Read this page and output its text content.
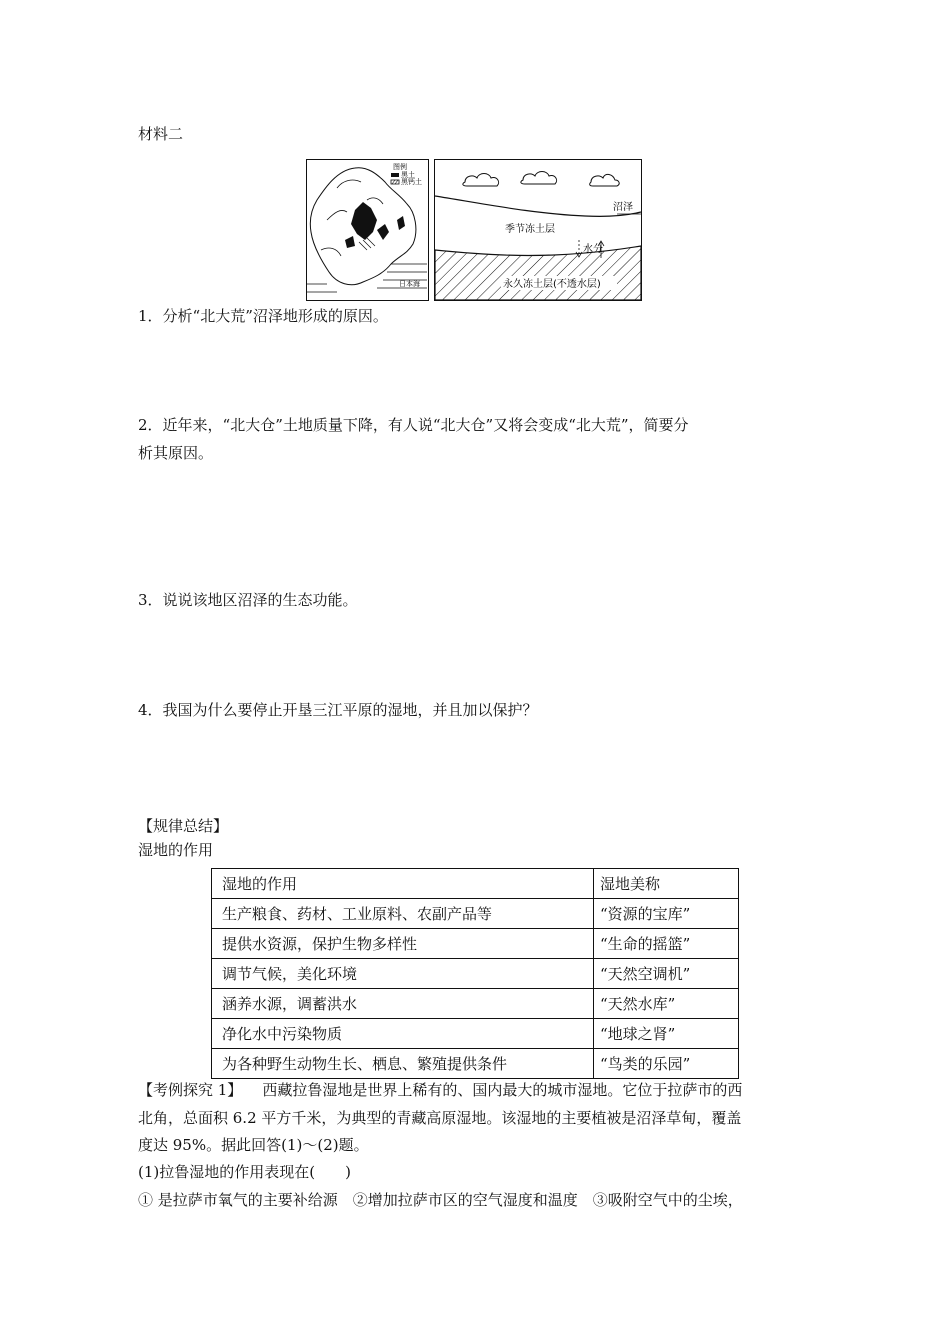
材料二
图例
黑土
黑钙土
日本海
沼泽
季节冻土层
水分
永久冻土层(不透水层)
1．分析“北大荒”沼泽地形成的原因。
2．近年来，“北大仓”土地质量下降，有人说“北大仓”又将会变成“北大荒”，简要分
析其原因。
3．说说该地区沼泽的生态功能。
4．我国为什么要停止开垦三江平原的湿地，并且加以保护？
【规律总结】
湿地的作用
湿地的作用	湿地美称
生产粮食、药材、工业原料、农副产品等	“资源的宝库”
提供水资源，保护生物多样性	“生命的摇篮”
调节气候，美化环境	“天然空调机”
涵养水源，调蓄洪水	“天然水库”
净化水中污染物质	“地球之肾”
为各种野生动物生长、栖息、繁殖提供条件	“鸟类的乐园”
【考例探究 1】 西藏拉鲁湿地是世界上稀有的、国内最大的城市湿地。它位于拉萨市的西
北角，总面积 6.2 平方千米，为典型的青藏高原湿地。该湿地的主要植被是沼泽草甸，覆盖
度达 95%。据此回答(1)～(2)题。
(1)拉鲁湿地的作用表现在(　　)
① 是拉萨市氧气的主要补给源　②增加拉萨市区的空气湿度和温度　③吸附空气中的尘埃，
